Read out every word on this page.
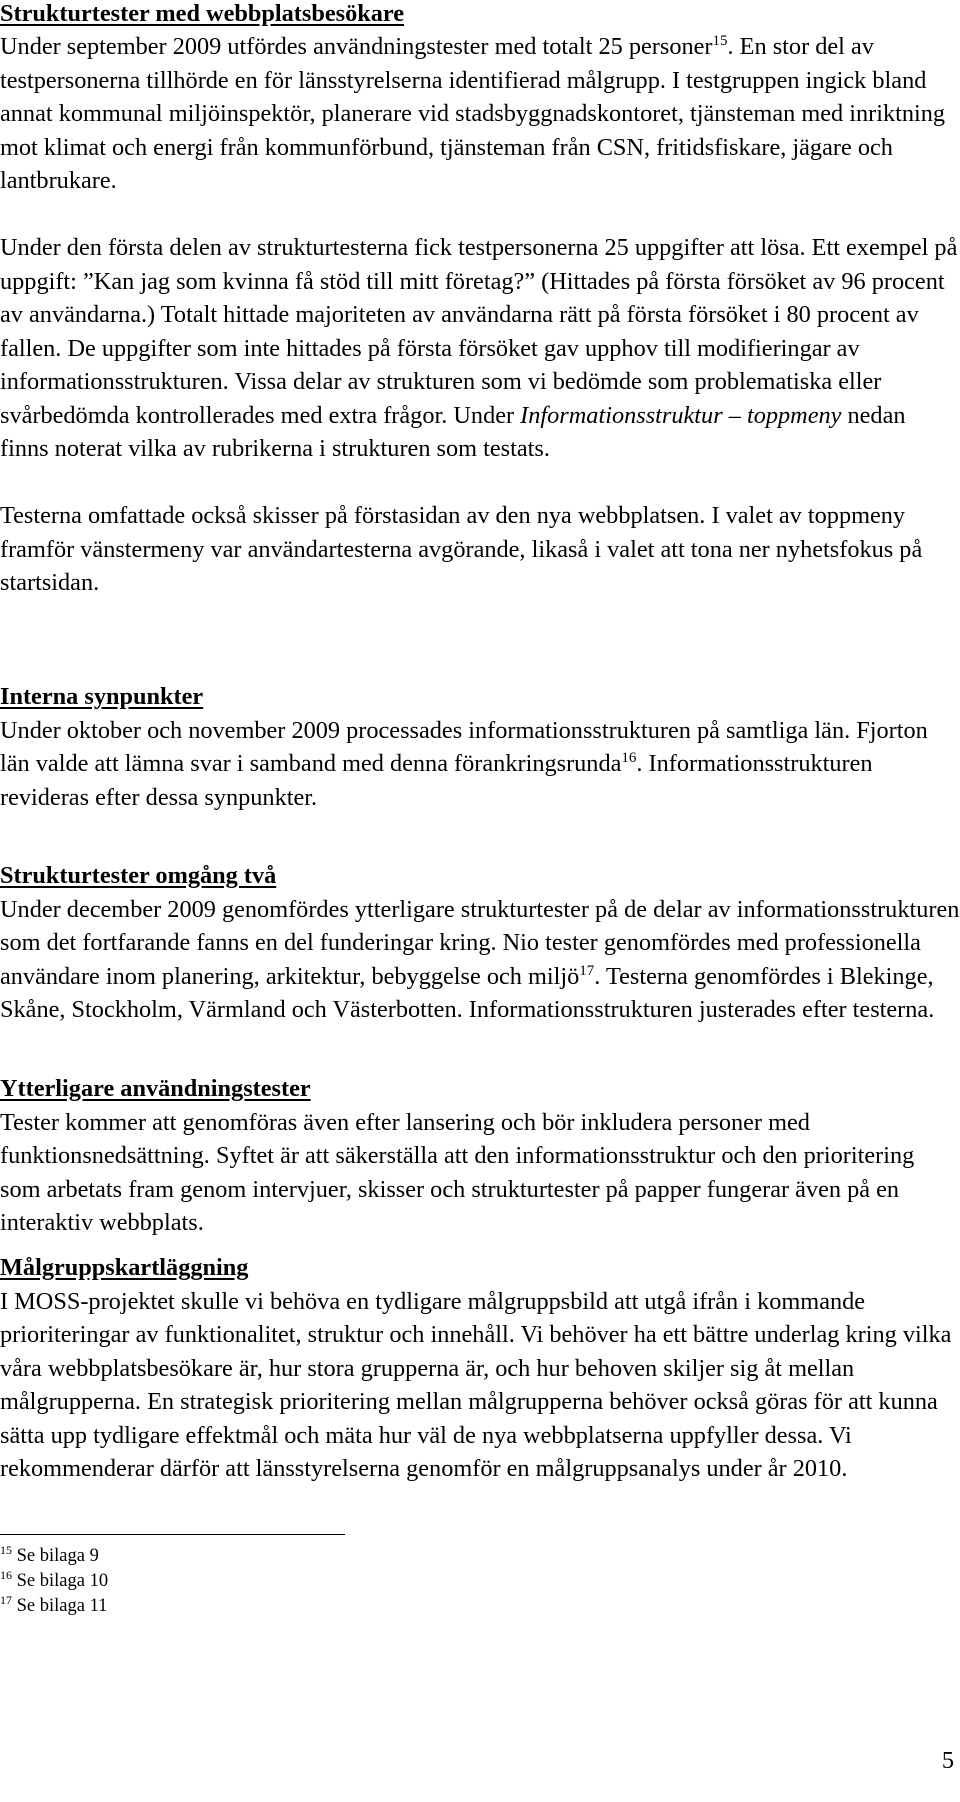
Strukturtester med webbplatsbesökare

Under september 2009 utfördes användningstester med totalt 25 personer$^{15}$. En stor del av testpersonerna tillhörde en för länsstyrelserna identifierad målgrupp. I testgruppen ingick bland annat kommunal miljöinspektör, planerare vid stadsbyggnadskontoret, tjänsteman med inriktning mot klimat och energi från kommunförbund, tjänsteman från CSN, fritidsfiskare, jägare och lantbrukare.

Under den första delen av strukturtesterna fick testpersonerna 25 uppgifter att lösa. Ett exempel på uppgift: ”Kan jag som kvinna få stöd till mitt företag?” (Hittades på första försöket av 96 procent av användarna.) Totalt hittade majoriteten av användarna rätt på första försöket i 80 procent av fallen. De uppgifter som inte hittades på första försöket gav upphov till modifieringar av informationsstrukturen. Vissa delar av strukturen som vi bedömde som problematiska eller svårbedömda kontrollerades med extra frågor. Under Informationsstruktur – toppmeny nedan finns noterat vilka av rubrikerna i strukturen som testats.

Testerna omfattade också skisser på förstasidan av den nya webbplatsen. I valet av toppmeny framför vänstermeny var användartesterna avgörande, likaså i valet att tona ner nyhetsfokus på startsidan.

Interna synpunkter

Under oktober och november 2009 processades informationsstrukturen på samtliga län. Fjorton län valde att lämna svar i samband med denna förankringsrunda$^{16}$. Informationsstrukturen revideras efter dessa synpunkter.

Strukturtester omgång två

Under december 2009 genomfördes ytterligare strukturtester på de delar av informationsstrukturen som det fortfarande fanns en del funderingar kring. Nio tester genomfördes med professionella användare inom planering, arkitektur, bebyggelse och miljö$^{17}$. Testerna genomfördes i Blekinge, Skåne, Stockholm, Värmland och Västerbotten. Informationsstrukturen justerades efter testerna.

Ytterligare användningstester

Tester kommer att genomföras även efter lansering och bör inkludera personer med funktionsnedsättning. Syftet är att säkerställa att den informationsstruktur och den prioritering som arbetats fram genom intervjuer, skisser och strukturtester på papper fungerar även på en interaktiv webbplats.

Målgruppskartläggning

I MOSS-projektet skulle vi behöva en tydligare målgruppsbild att utgå ifrån i kommande prioriteringar av funktionalitet, struktur och innehåll. Vi behöver ha ett bättre underlag kring vilka våra webbplatsbesökare är, hur stora grupperna är, och hur behoven skiljer sig åt mellan målgrupperna. En strategisk prioritering mellan målgrupperna behöver också göras för att kunna sätta upp tydligare effektmål och mäta hur väl de nya webbplatserna uppfyller dessa. Vi rekommenderar därför att länsstyrelserna genomför en målgruppsanalys under år 2010.

$^{15}$ Se bilaga 9
$^{16}$ Se bilaga 10
$^{17}$ Se bilaga 11
5
